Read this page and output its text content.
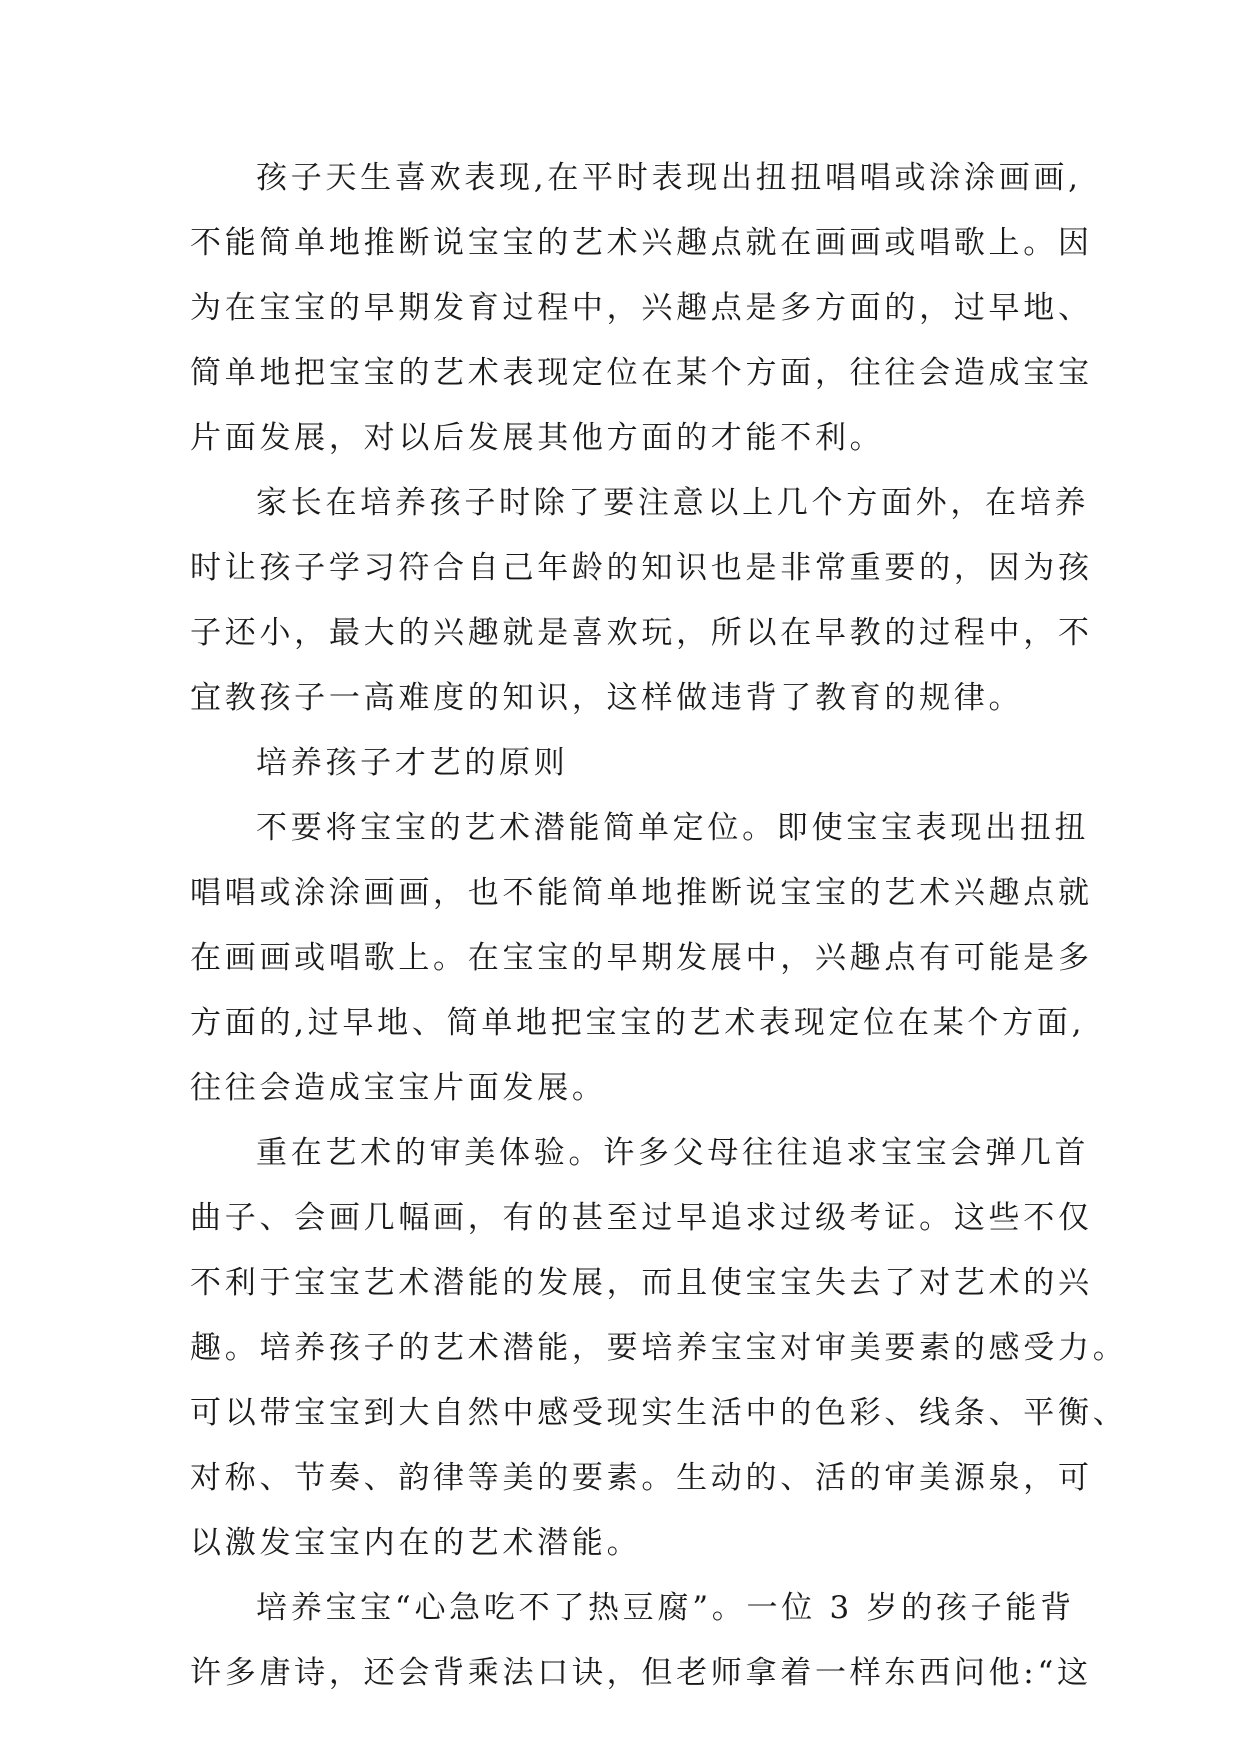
孩子天生喜欢表现,在平时表现出扭扭唱唱或涂涂画画,
不能简单地推断说宝宝的艺术兴趣点就在画画或唱歌上。因
为在宝宝的早期发育过程中，兴趣点是多方面的，过早地、
简单地把宝宝的艺术表现定位在某个方面，往往会造成宝宝
片面发展，对以后发展其他方面的才能不利。
家长在培养孩子时除了要注意以上几个方面外，在培养
时让孩子学习符合自己年龄的知识也是非常重要的，因为孩
子还小，最大的兴趣就是喜欢玩，所以在早教的过程中，不
宜教孩子一高难度的知识，这样做违背了教育的规律。
培养孩子才艺的原则
不要将宝宝的艺术潜能简单定位。即使宝宝表现出扭扭
唱唱或涂涂画画，也不能简单地推断说宝宝的艺术兴趣点就
在画画或唱歌上。在宝宝的早期发展中，兴趣点有可能是多
方面的,过早地、简单地把宝宝的艺术表现定位在某个方面,
往往会造成宝宝片面发展。
重在艺术的审美体验。许多父母往往追求宝宝会弹几首
曲子、会画几幅画，有的甚至过早追求过级考证。这些不仅
不利于宝宝艺术潜能的发展，而且使宝宝失去了对艺术的兴
趣。培养孩子的艺术潜能，要培养宝宝对审美要素的感受力。
可以带宝宝到大自然中感受现实生活中的色彩、线条、平衡、
对称、节奏、韵律等美的要素。生动的、活的审美源泉，可
以激发宝宝内在的艺术潜能。
培养宝宝“心急吃不了热豆腐”。一位 3 岁的孩子能背
许多唐诗，还会背乘法口诀，但老师拿着一样东西问他:“这
